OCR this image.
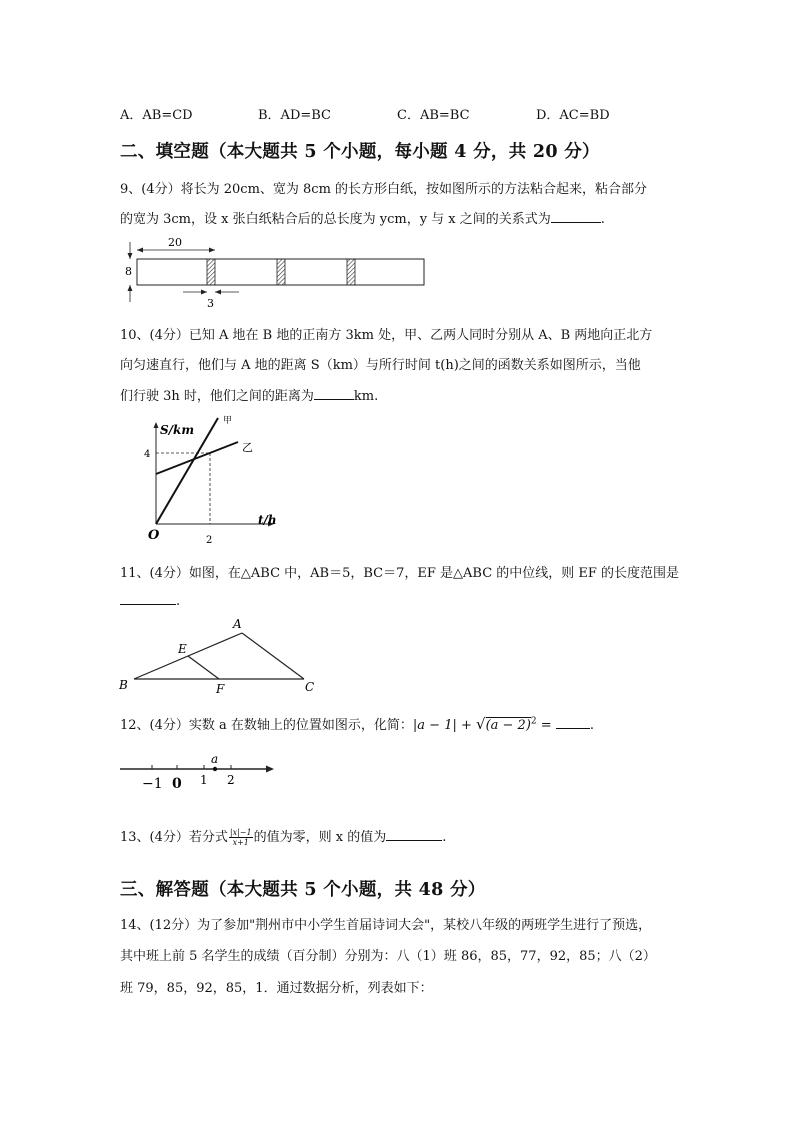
A．AB=CD	B．AD=BC	C．AB=BC	D．AC=BD
二、填空题（本大题共 5 个小题，每小题 4 分，共 20 分）
9、(4分）将长为 20cm、宽为 8cm 的长方形白纸，按如图所示的方法粘合起来，粘合部分
的宽为 3cm，设 x 张白纸粘合后的总长度为 ycm，y 与 x 之间的关系式为	.
20
8
3
10、(4分）已知 A 地在 B 地的正南方 3km 处，甲、乙两人同时分别从 A、B 两地向正北方
向匀速直行，他们与 A 地的距离 S（km）与所行时间 t(h)之间的函数关系如图所示，当他
们行驶 3h 时，他们之间的距离为	km.
S/km
t/h
O
4
2
甲
乙
11、(4分）如图，在△ABC 中，AB＝5，BC＝7，EF 是△ABC 的中位线，则 EF 的长度范围是
.
A
B	C
E
F
12、(4分）实数 a 在数轴上的位置如图示，化简：$|a - 1| + √(a - 2)^2$ =	.
a
−1 0 1 2
13、(4分）若分式 $\frac{|x|-1}{x+1}$ 的值为零，则 x 的值为	.
三、解答题（本大题共 5 个小题，共 48 分）
14、(12分）为了参加"荆州市中小学生首届诗词大会"，某校八年级的两班学生进行了预选，
其中班上前 5 名学生的成绩（百分制）分别为：八（1）班 86，85，77，92，85；八（2）
班 79，85，92，85，1．通过数据分析，列表如下：
